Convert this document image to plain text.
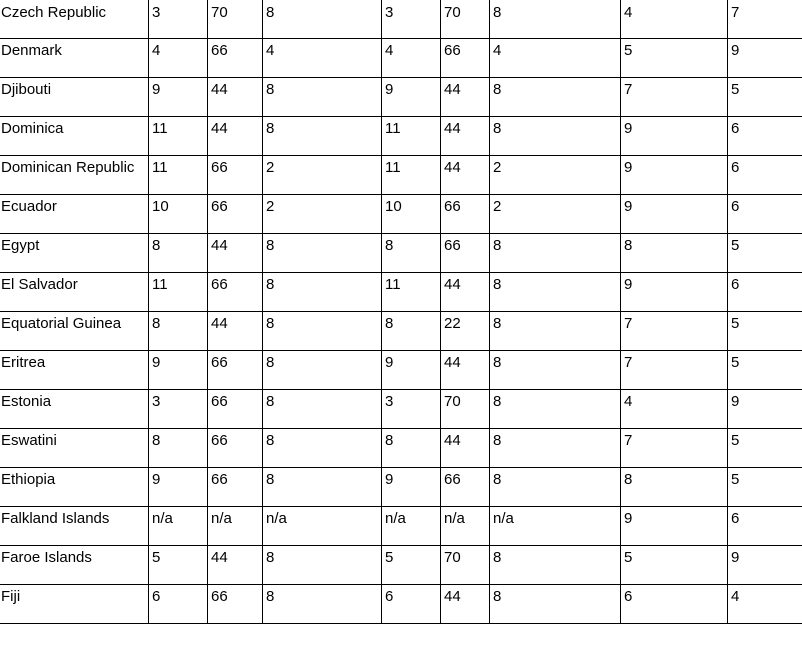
Czech Republic	3	70	8	3	70	8	4	7
Denmark	4	66	4	4	66	4	5	9
Djibouti	9	44	8	9	44	8	7	5
Dominica	11	44	8	11	44	8	9	6
Dominican Republic	11	66	2	11	44	2	9	6
Ecuador	10	66	2	10	66	2	9	6
Egypt	8	44	8	8	66	8	8	5
El Salvador	11	66	8	11	44	8	9	6
Equatorial Guinea	8	44	8	8	22	8	7	5
Eritrea	9	66	8	9	44	8	7	5
Estonia	3	66	8	3	70	8	4	9
Eswatini	8	66	8	8	44	8	7	5
Ethiopia	9	66	8	9	66	8	8	5
Falkland Islands	n/a	n/a	n/a	n/a	n/a	n/a	9	6
Faroe Islands	5	44	8	5	70	8	5	9
Fiji	6	66	8	6	44	8	6	4
